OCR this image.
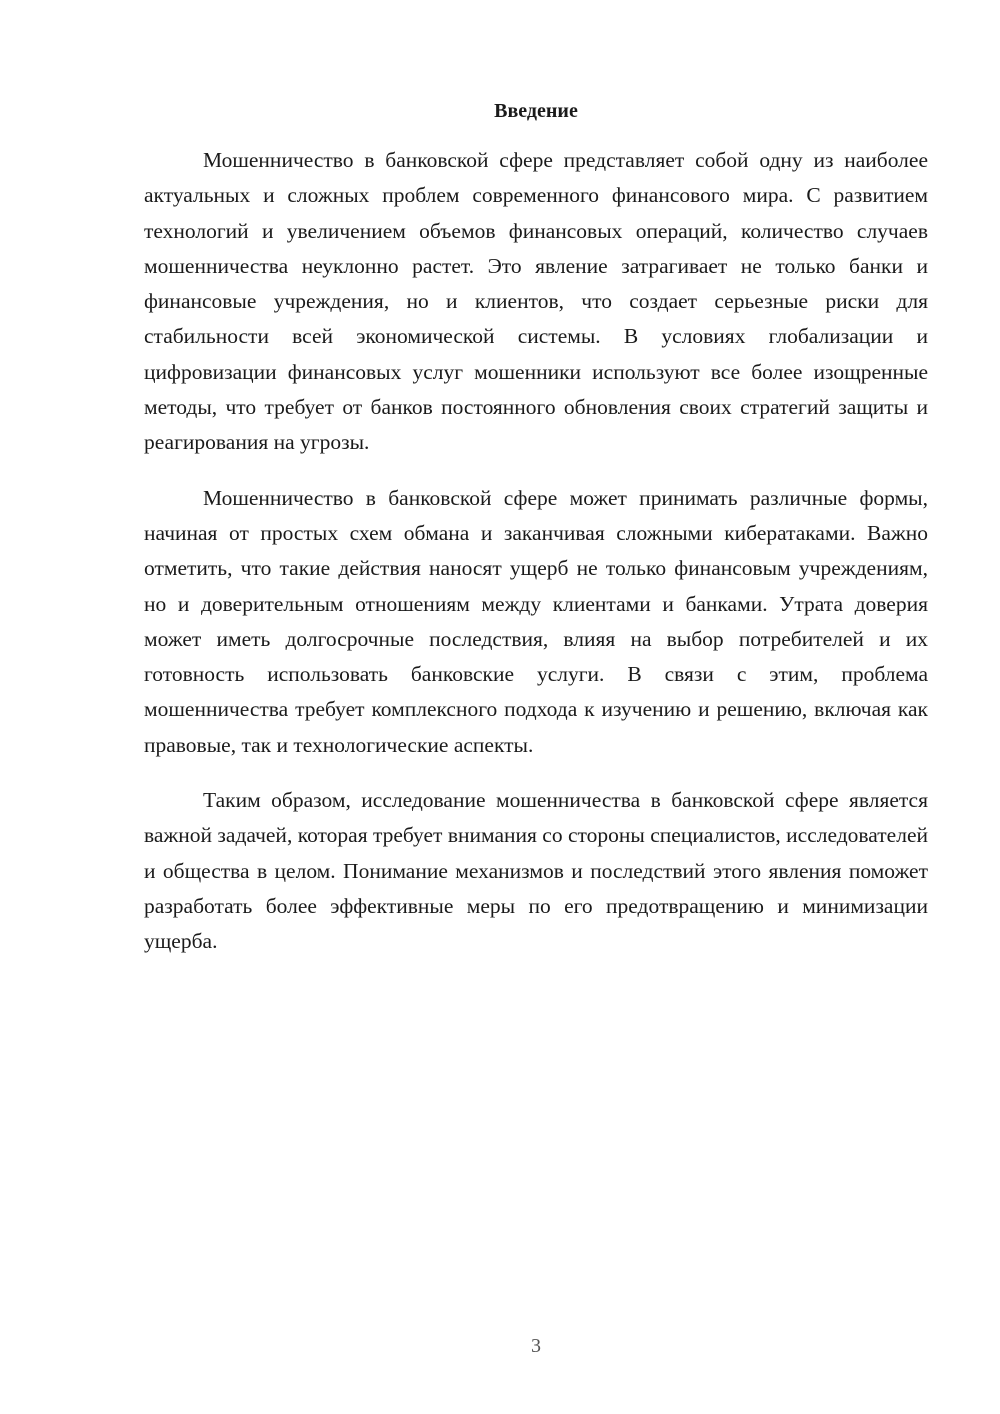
Введение

Мошенничество в банковской сфере представляет собой одну из наиболее актуальных и сложных проблем современного финансового мира. С развитием технологий и увеличением объемов финансовых операций, количество случаев мошенничества неуклонно растет. Это явление затрагивает не только банки и финансовые учреждения, но и клиентов, что создает серьезные риски для стабильности всей экономической системы. В условиях глобализации и цифровизации финансовых услуг мошенники используют все более изощренные методы, что требует от банков постоянного обновления своих стратегий защиты и реагирования на угрозы.

Мошенничество в банковской сфере может принимать различные формы, начиная от простых схем обмана и заканчивая сложными кибератаками. Важно отметить, что такие действия наносят ущерб не только финансовым учреждениям, но и доверительным отношениям между клиентами и банками. Утрата доверия может иметь долгосрочные последствия, влияя на выбор потребителей и их готовность использовать банковские услуги. В связи с этим, проблема мошенничества требует комплексного подхода к изучению и решению, включая как правовые, так и технологические аспекты.

Таким образом, исследование мошенничества в банковской сфере является важной задачей, которая требует внимания со стороны специалистов, исследователей и общества в целом. Понимание механизмов и последствий этого явления поможет разработать более эффективные меры по его предотвращению и минимизации ущерба.

3
